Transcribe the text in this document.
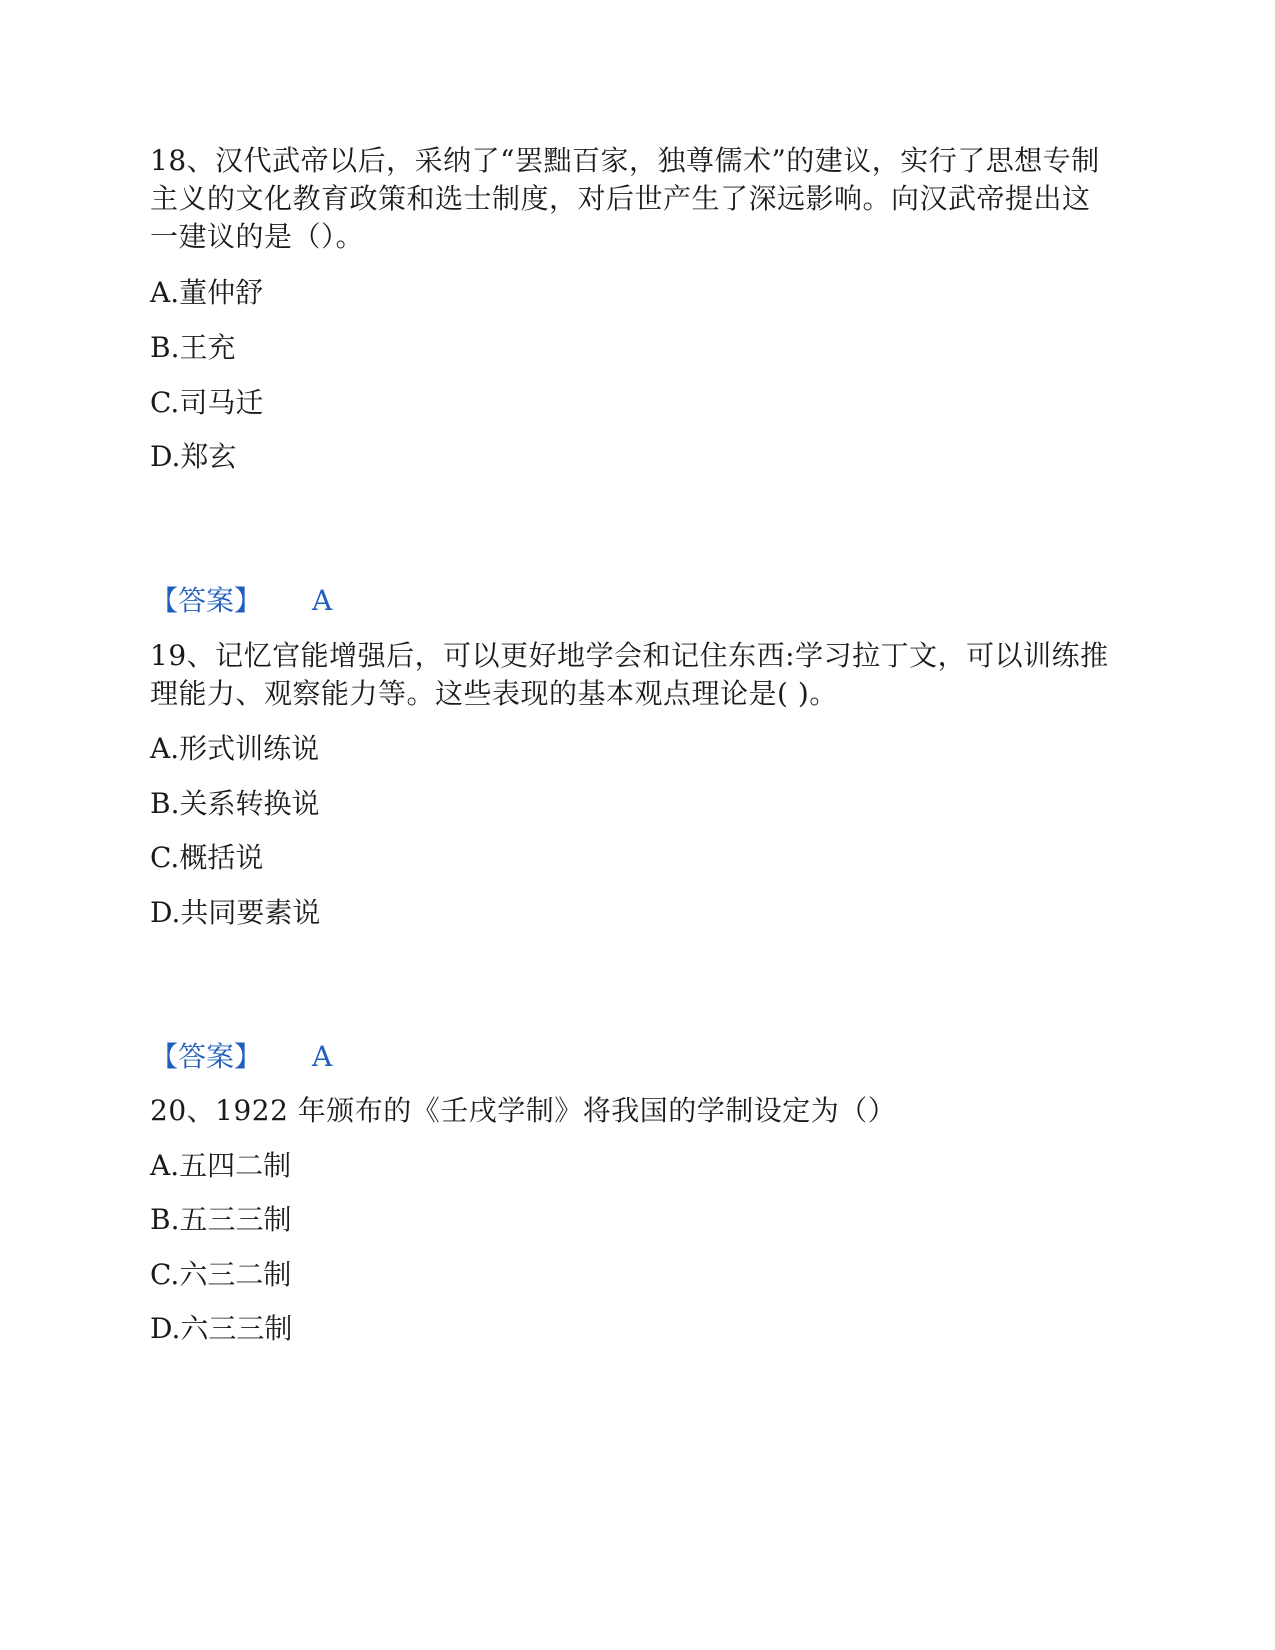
18、汉代武帝以后，采纳了“罢黜百家，独尊儒术”的建议，实行了思想专制主义的文化教育政策和选士制度，对后世产生了深远影响。向汉武帝提出这一建议的是（）。
A.董仲舒
B.王充
C.司马迁
D.郑玄
【答案】 A
19、记忆官能增强后，可以更好地学会和记住东西:学习拉丁文，可以训练推理能力、观察能力等。这些表现的基本观点理论是( )。
A.形式训练说
B.关系转换说
C.概括说
D.共同要素说
【答案】 A
20、1922 年颁布的《壬戌学制》将我国的学制设定为（）
A.五四二制
B.五三三制
C.六三二制
D.六三三制
